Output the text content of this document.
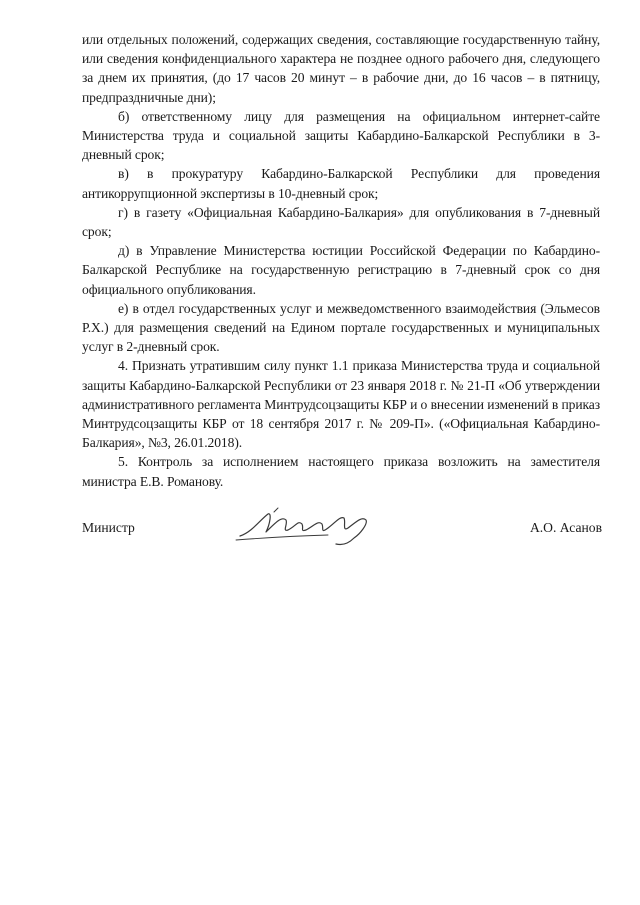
или отдельных положений, содержащих сведения, составляющие государственную тайну, или сведения конфиденциального характера не позднее одного рабочего дня, следующего за днем их принятия, (до 17 часов 20 минут – в рабочие дни, до 16 часов – в пятницу, предпраздничные дни);

б) ответственному лицу для размещения на официальном интернет-сайте Министерства труда и социальной защиты Кабардино-Балкарской Республики в 3-дневный срок;

в) в прокуратуру Кабардино-Балкарской Республики для проведения антикоррупционной экспертизы в 10-дневный срок;

г) в газету «Официальная Кабардино-Балкария» для опубликования в 7-дневный срок;

д) в Управление Министерства юстиции Российской Федерации по Кабардино-Балкарской Республике на государственную регистрацию в 7-дневный срок со дня официального опубликования.

е) в отдел государственных услуг и межведомственного взаимодействия (Эльмесов Р.Х.) для размещения сведений на Едином портале государственных и муниципальных услуг в 2-дневный срок.

4. Признать утратившим силу пункт 1.1 приказа Министерства труда и социальной защиты Кабардино-Балкарской Республики от 23 января 2018 г. № 21-П «Об утверждении административного регламента Минтрудсоцзащиты КБР и о внесении изменений в приказ Минтрудсоцзащиты КБР от 18 сентября 2017 г. № 209-П». («Официальная Кабардино-Балкария», №3, 26.01.2018).

5. Контроль за исполнением настоящего приказа возложить на заместителя министра Е.В. Романову.

Министр	А.О. Асанов
